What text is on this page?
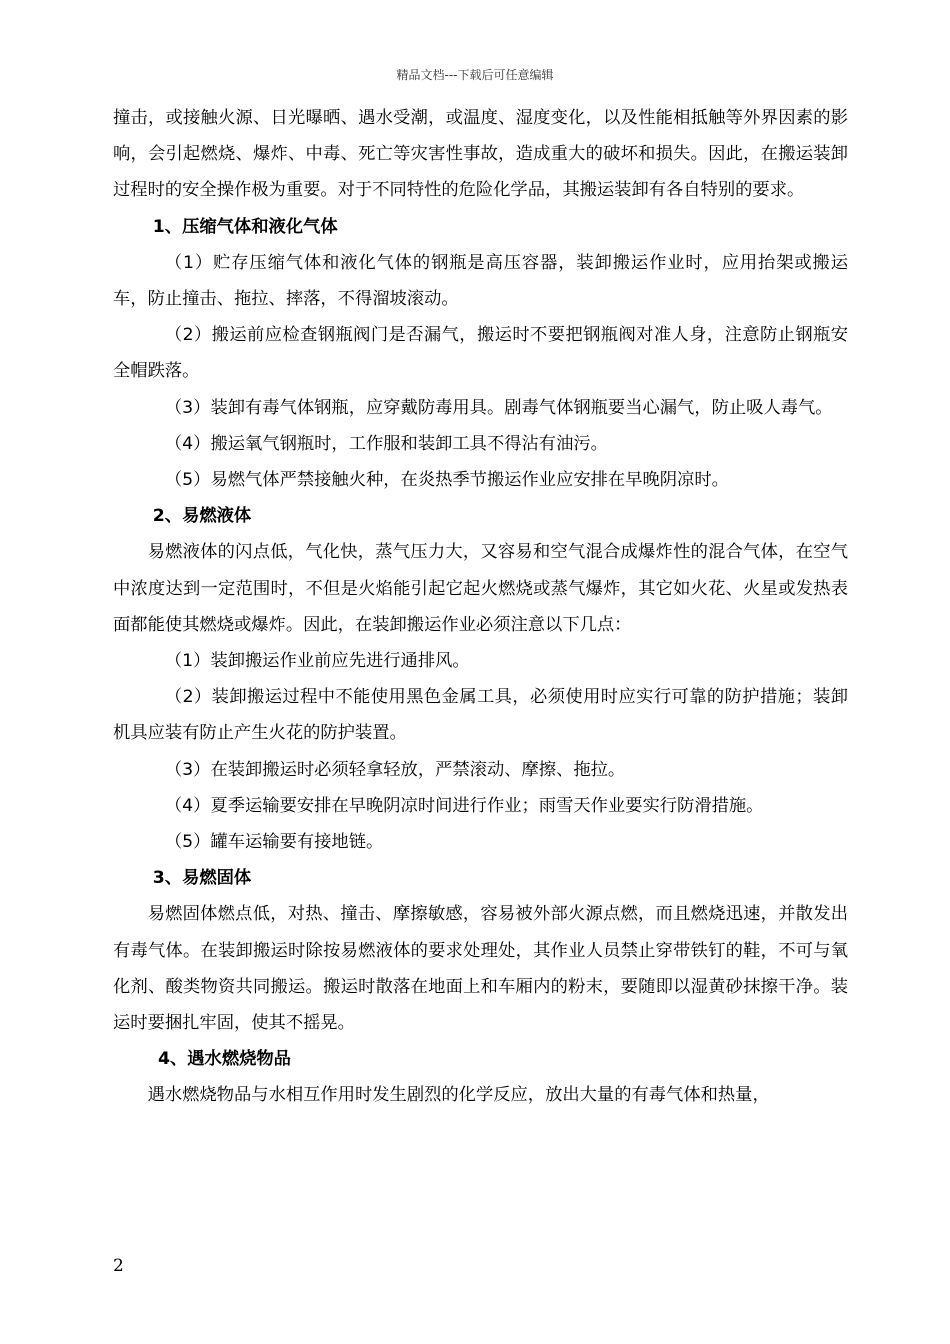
精品文档---下载后可任意编辑

撞击，或接触火源、日光曝晒、遇水受潮，或温度、湿度变化，以及性能相抵触等外界因素的影响，会引起燃烧、爆炸、中毒、死亡等灾害性事故，造成重大的破坏和损失。因此，在搬运装卸过程时的安全操作极为重要。对于不同特性的危险化学品，其搬运装卸有各自特别的要求。

1、压缩气体和液化气体

（1）贮存压缩气体和液化气体的钢瓶是高压容器，装卸搬运作业时，应用抬架或搬运车，防止撞击、拖拉、摔落，不得溜坡滚动。

（2）搬运前应检查钢瓶阀门是否漏气，搬运时不要把钢瓶阀对准人身，注意防止钢瓶安全帽跌落。

（3）装卸有毒气体钢瓶，应穿戴防毒用具。剧毒气体钢瓶要当心漏气，防止吸人毒气。

（4）搬运氧气钢瓶时，工作服和装卸工具不得沾有油污。

（5）易燃气体严禁接触火种，在炎热季节搬运作业应安排在早晚阴凉时。

2、易燃液体

易燃液体的闪点低，气化快，蒸气压力大，又容易和空气混合成爆炸性的混合气体，在空气中浓度达到一定范围时，不但是火焰能引起它起火燃烧或蒸气爆炸，其它如火花、火星或发热表面都能使其燃烧或爆炸。因此，在装卸搬运作业必须注意以下几点：

（1）装卸搬运作业前应先进行通排风。

（2）装卸搬运过程中不能使用黑色金属工具，必须使用时应实行可靠的防护措施；装卸机具应装有防止产生火花的防护装置。

（3）在装卸搬运时必须轻拿轻放，严禁滚动、摩擦、拖拉。

（4）夏季运输要安排在早晚阴凉时间进行作业；雨雪天作业要实行防滑措施。

（5）罐车运输要有接地链。

3、易燃固体

易燃固体燃点低，对热、撞击、摩擦敏感，容易被外部火源点燃，而且燃烧迅速，并散发出有毒气体。在装卸搬运时除按易燃液体的要求处理处，其作业人员禁止穿带铁钉的鞋，不可与氧化剂、酸类物资共同搬运。搬运时散落在地面上和车厢内的粉末，要随即以湿黄砂抹擦干净。装运时要捆扎牢固，使其不摇晃。

4、遇水燃烧物品

遇水燃烧物品与水相互作用时发生剧烈的化学反应，放出大量的有毒气体和热量，

2
